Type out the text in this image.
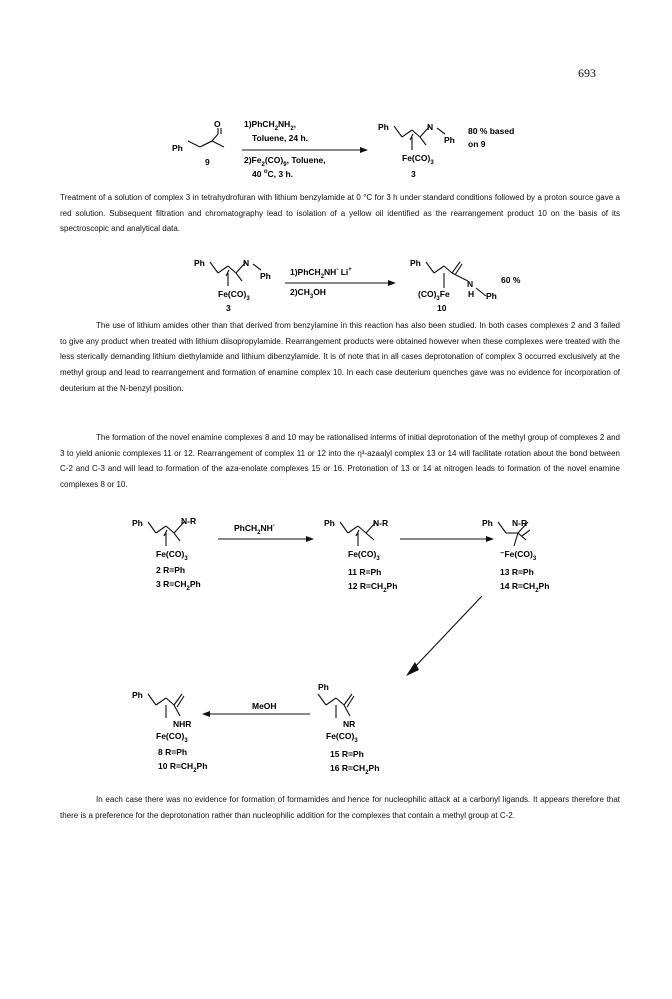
693
Ph
O
9
$1)PhCH_2NH_2$,
Toluene, 24 h.
$2)Fe_2(CO)_9$, Toluene,
40 $^o$C, 3 h.
Ph	N
Ph
$Fe(CO)_3$
3
80 % based
on 9
Ph	N
Ph
$Fe(CO)_3$
3
1)PhCH$_2$NH- Li+
$2)CH_3OH$
Ph
N
$(CO)_3Fe$ H Ph
10
60 %
Ph	N-R
$Fe(CO)_3$
2 R=Ph
3 $R=CH_2Ph$
PhCH$_2$NH-	Ph	N-R
$Fe(CO)_3$
11 R=Ph
12 $R=CH_2Ph$
Ph N-R
$^-Fe(CO)_3$
13 R=Ph
14 $R=CH_2Ph$
Ph
NR
$Fe(CO)_3$
15 R=Ph
16 $R=CH_2Ph$
MeOH
Ph
NHR
$Fe(CO)_3$
8 R=Ph
10 $R=CH_2Ph$

Treatment of a solution of complex 3 in tetrahydrofuran with lithium benzylamide at 0 °C for 3 h under standard conditions followed by a proton source gave a red solution. Subsequent filtration and chromatography lead to isolation of a yellow oil identified as the rearrangement product 10 on the basis of its spectroscopic and analytical data.

The use of lithium amides other than that derived from benzylamine in this reaction has also been studied. In both cases complexes 2 and 3 failed to give any product when treated with lithium diisopropylamide. Rearrangement products were obtained however when these complexes were treated with the less sterically demanding lithium diethylamide and lithium dibenzylamide. It is of note that in all cases deprotonation of complex 3 occurred exclusively at the methyl group and lead to rearrangement and formation of enamine complex 10. In each case deuterium quenches gave was no evidence for incorporation of deuterium at the N-benzyl position.

The formation of the novel enamine complexes 8 and 10 may be rationalised interms of initial deprotonation of the methyl group of complexes 2 and 3 to yield anionic complexes 11 or 12. Rearrangement of complex 11 or 12 into the η³-azaalyl complex 13 or 14 will facilitate rotation about the bond between C-2 and C-3 and will lead to formation of the aza-enolate complexes 15 or 16. Protonation of 13 or 14 at nitrogen leads to formation of the novel enamine complexes 8 or 10.

In each case there was no evidence for formation of formamides and hence for nucleophilic attack at a carbonyl ligands. It appears therefore that there is a preference for the deprotonation rather than nucleophilic addition for the complexes that contain a methyl group at C-2.
